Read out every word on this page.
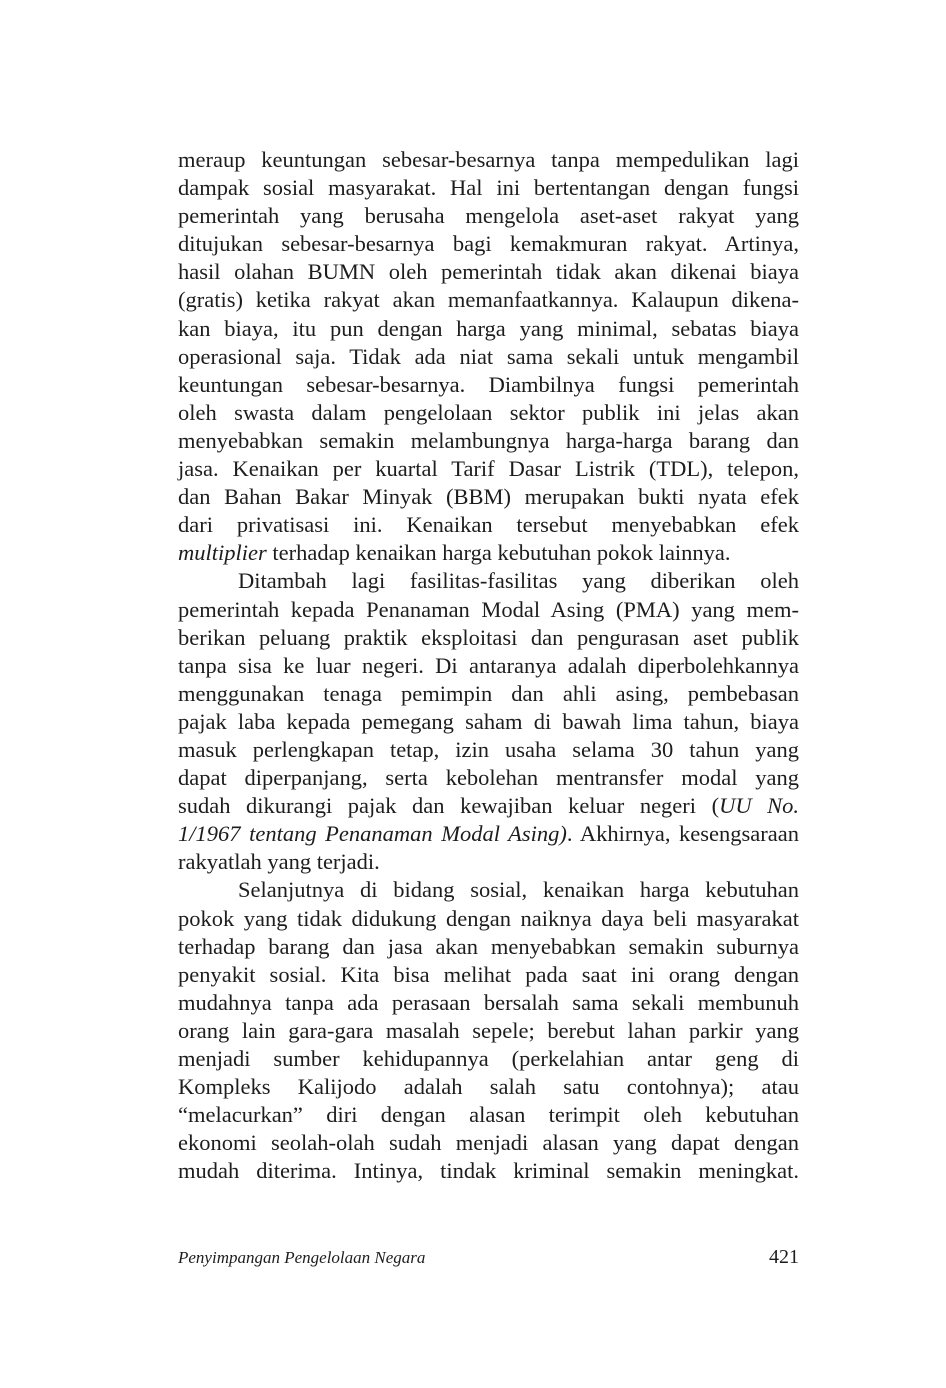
meraup keuntungan sebesar-besarnya tanpa mempedulikan lagi
dampak sosial masyarakat. Hal ini bertentangan dengan fungsi
pemerintah yang berusaha mengelola aset-aset rakyat yang
ditujukan sebesar-besarnya bagi kemakmuran rakyat. Artinya,
hasil olahan BUMN oleh pemerintah tidak akan dikenai biaya
(gratis) ketika rakyat akan memanfaatkannya. Kalaupun dikena-
kan biaya, itu pun dengan harga yang minimal, sebatas biaya
operasional saja. Tidak ada niat sama sekali untuk mengambil
keuntungan sebesar-besarnya. Diambilnya fungsi pemerintah
oleh swasta dalam pengelolaan sektor publik ini jelas akan
menyebabkan semakin melambungnya harga-harga barang dan
jasa. Kenaikan per kuartal Tarif Dasar Listrik (TDL), telepon,
dan Bahan Bakar Minyak (BBM) merupakan bukti nyata efek
dari privatisasi ini. Kenaikan tersebut menyebabkan efek
multiplier terhadap kenaikan harga kebutuhan pokok lainnya.

Ditambah lagi fasilitas-fasilitas yang diberikan oleh
pemerintah kepada Penanaman Modal Asing (PMA) yang mem-
berikan peluang praktik eksploitasi dan pengurasan aset publik
tanpa sisa ke luar negeri. Di antaranya adalah diperbolehkannya
menggunakan tenaga pemimpin dan ahli asing, pembebasan
pajak laba kepada pemegang saham di bawah lima tahun, biaya
masuk perlengkapan tetap, izin usaha selama 30 tahun yang
dapat diperpanjang, serta kebolehan mentransfer modal yang
sudah dikurangi pajak dan kewajiban keluar negeri (UU No.
1/1967 tentang Penanaman Modal Asing). Akhirnya, kesengsaraan
rakyatlah yang terjadi.

Selanjutnya di bidang sosial, kenaikan harga kebutuhan
pokok yang tidak didukung dengan naiknya daya beli masyarakat
terhadap barang dan jasa akan menyebabkan semakin suburnya
penyakit sosial. Kita bisa melihat pada saat ini orang dengan
mudahnya tanpa ada perasaan bersalah sama sekali membunuh
orang lain gara-gara masalah sepele; berebut lahan parkir yang
menjadi sumber kehidupannya (perkelahian antar geng di
Kompleks Kalijodo adalah salah satu contohnya); atau
“melacurkan” diri dengan alasan terimpit oleh kebutuhan
ekonomi seolah-olah sudah menjadi alasan yang dapat dengan
mudah diterima. Intinya, tindak kriminal semakin meningkat.

Penyimpangan Pengelolaan Negara	421
